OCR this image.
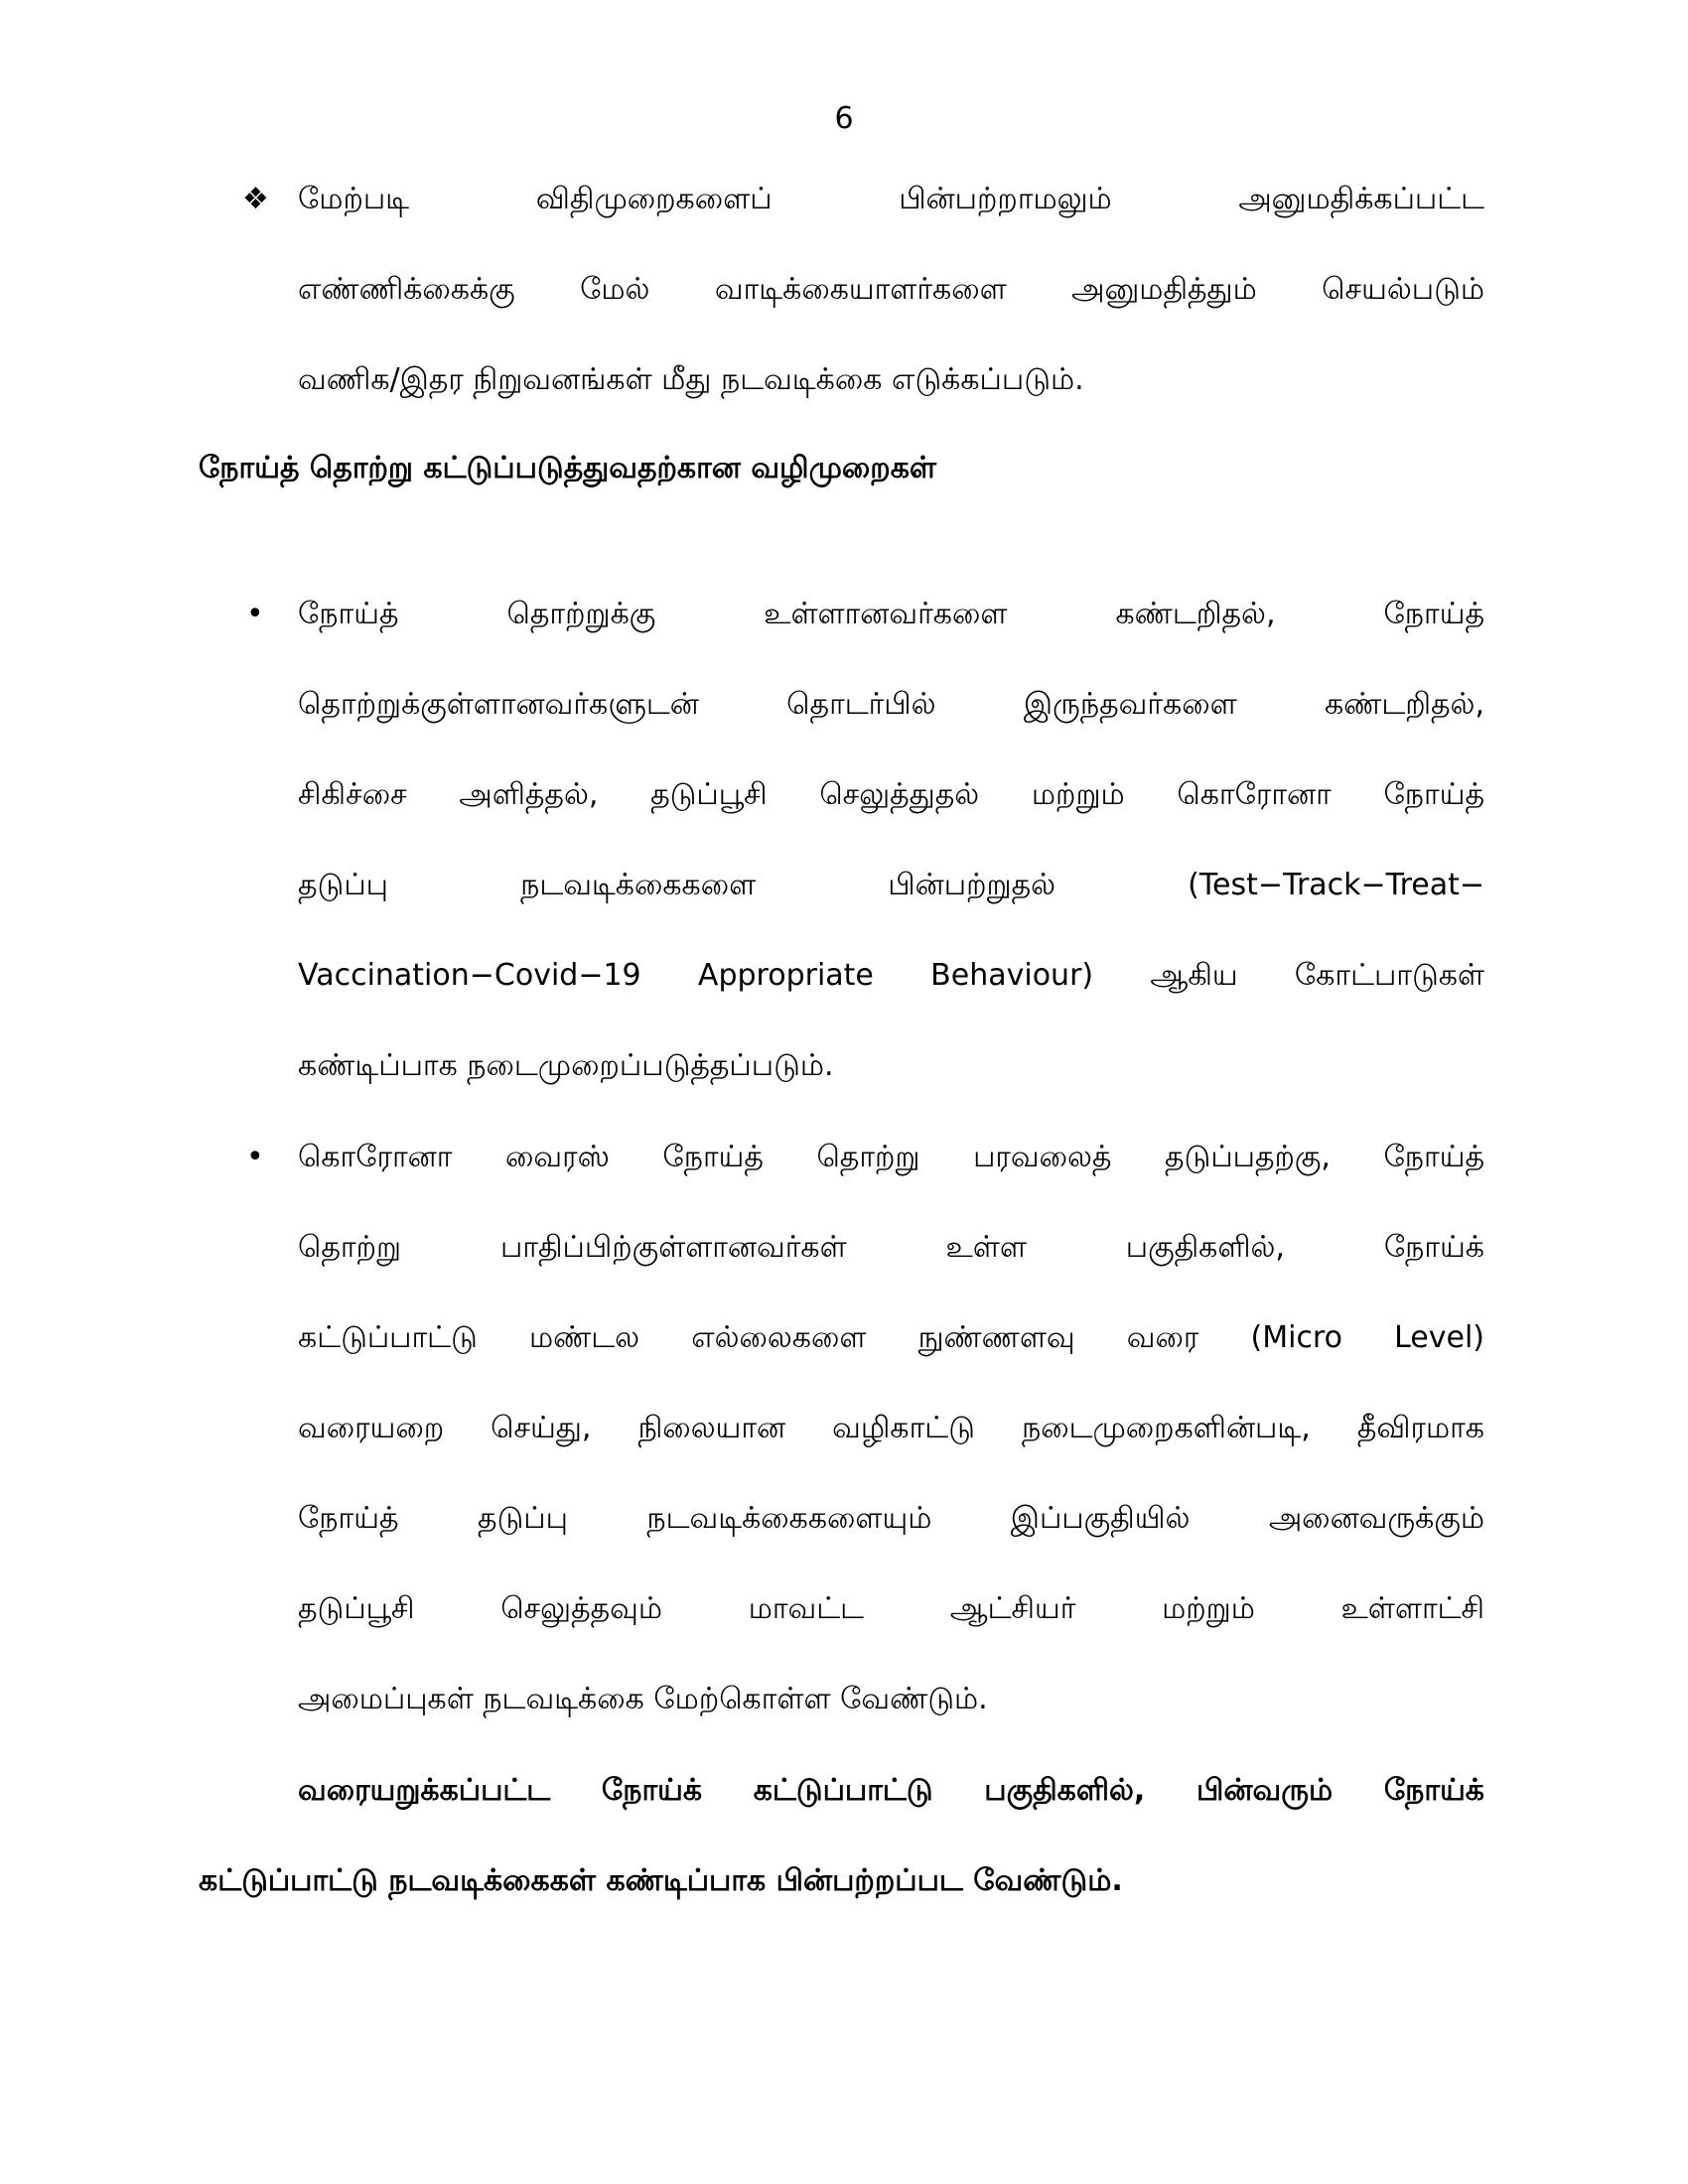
6
❖ மேற்படி விதிமுறைகளைப் பின்பற்றாமலும் அனுமதிக்கப்பட்ட
எண்ணிக்கைக்கு மேல் வாடிக்கையாளர்களை அனுமதித்தும் செயல்படும்
வணிக/இதர நிறுவனங்கள் மீது நடவடிக்கை எடுக்கப்படும்.
நோய்த் தொற்று கட்டுப்படுத்துவதற்கான வழிமுறைகள்
• நோய்த் தொற்றுக்கு உள்ளானவர்களை கண்டறிதல், நோய்த்
தொற்றுக்குள்ளானவர்களுடன் தொடர்பில் இருந்தவர்களை கண்டறிதல்,
சிகிச்சை அளித்தல், தடுப்பூசி செலுத்துதல் மற்றும் கொரோனா நோய்த்
தடுப்பு நடவடிக்கைகளை பின்பற்றுதல் (Test−Track−Treat−
Vaccination−Covid−19 Appropriate Behaviour) ஆகிய கோட்பாடுகள்
கண்டிப்பாக நடைமுறைப்படுத்தப்படும்.
• கொரோனா வைரஸ் நோய்த் தொற்று பரவலைத் தடுப்பதற்கு, நோய்த்
தொற்று பாதிப்பிற்குள்ளானவர்கள் உள்ள பகுதிகளில், நோய்க்
கட்டுப்பாட்டு மண்டல எல்லைகளை நுண்ணளவு வரை (Micro Level)
வரையறை செய்து, நிலையான வழிகாட்டு நடைமுறைகளின்படி, தீவிரமாக
நோய்த் தடுப்பு நடவடிக்கைகளையும் இப்பகுதியில் அனைவருக்கும்
தடுப்பூசி செலுத்தவும் மாவட்ட ஆட்சியர் மற்றும் உள்ளாட்சி
அமைப்புகள் நடவடிக்கை மேற்கொள்ள வேண்டும்.
வரையறுக்கப்பட்ட நோய்க் கட்டுப்பாட்டு பகுதிகளில், பின்வரும் நோய்க்
கட்டுப்பாட்டு நடவடிக்கைகள் கண்டிப்பாக பின்பற்றப்பட வேண்டும்.
